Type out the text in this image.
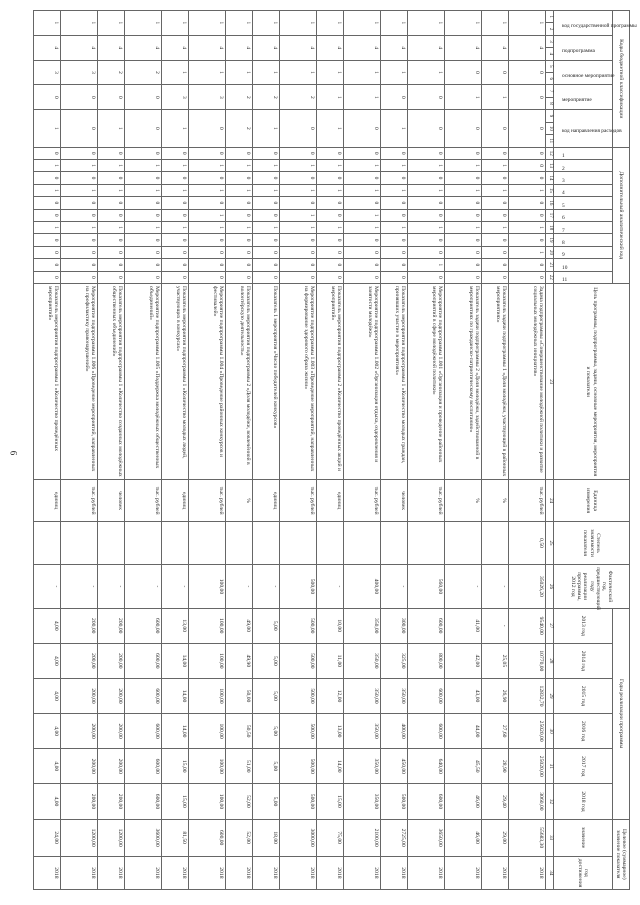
6
Коды бюджетной классификации											Дополнительный аналитический код											Цель программы, подпрограммы, задачи, основные мероприятия, мероприятия и показатели	Единица измерения	Степень значимости показателя	Фактический год, предшествующий году реализации программы, 2012 год	Годы реализации программы						Целевое (суммарное) значение показателя	

код государственной программы		подпрограмма		основное мероприятие		мероприятие		код направления расходов			1	2	3	4	5	6	7	8	9	10	11					2013 год	2014 год	2015 год	2016 год	2017 год	2018 год	значение	год достижения
1	2	3	4	5	6	7	8	9	10	11	12	13	14	15	16	17	18	19	20	21	22	23	24	25	26	27	28	29	30	31	32	33	34
1		4		0		0		0			0	0	0	1	0	0	1	0	1	0	0	Задача подпрограммы «Совершенствование молодёжной политики и развитие социальных молодёжных инициатив»	тыс. рублей	0,50	35026,20	9540,00	10770,00	12832,70	25020,00	25020,00	3060,00	55683,30	2018
1		4		0		1		0			0	1	0	1	0	0	1	0	0	0	0	Показатель задачи подпрограммы 1 «Доля молодёжи, участвующей в районных мероприятиях»	%		-	-	25,05	26,90	27,60	28,90	29,40	29,00	2018
1		4		0		1		0			0	1	0	1	0	0	1	0	0	0	0	Показатель задачи подпрограммы 2 «Доля молодёжи, задействованной в мероприятиях по гражданско-патриотическому воспитанию»	%		-	41,00	42,00	43,00	44,00	45,50	46,00	46,00	2018
1		4		1		0		0			0	1	0	1	0	0	1	0	0	1	0	Мероприятие подпрограммы 1.001 «Организация и проведение районных мероприятий в сфере молодёжной политики»	тыс. рублей		560,00	600,00	800,00	600,00	600,00	640,00	600,00	3650,00	2018
1		4		1		0		1			0	1	0	1	0	0	1	0	0	0	0	Показатель мероприятия подпрограммы 1 «Количество молодых граждан, принявших участие в мероприятиях»	человек		-	300,00	325,00	350,00	400,00	450,00	500,00	2725,00	2018
1		4		1		1		0			0	1	0	1	0	1	1	0	0	0	0	Мероприятие подпрограммы 1.002 «Организация отдыха, оздоровления и занятости молодёжи»	тыс. рублей		400,00	350,00	350,00	350,00	350,00	350,00	350,00	2100,00	2018
1		4		1		1		1			0	1	0	1	0	0	1	0	0	0	0	Показатель мероприятия подпрограммы 2 «Количество проведённых акций и мероприятий»	единиц		-	10,00	11,00	12,00	13,00	14,00	15,00	75,00	2018
1		4		1		2		0			0	1	0	1	0	1	1	0	0	0	0	Мероприятие подпрограммы 1.003 «Проведение мероприятий, направленных на формирование здорового образа жизни»	тыс. рублей		500,00	500,00	500,00	500,00	500,00	500,00	500,00	3000,00	2018
1		4		1		2		1			0	1	0	1	0	0	1	0	0	0	0	Показатель 1 мероприятия «Число победителей конкурсов»	единиц		-	5,00	5,00	5,00	5,00	5,00	5,00	18,00	2018
1		4		1		2		2			0	1	0	1	0	0	1	0	0	0	0	Показатель мероприятия подпрограммы 2 «Доля молодёжи, вовлечённой в волонтёрскую деятельность»	%		-	49,00	49,90	50,00	50,50	51,00	52,00	52,00	2018
1		4		1		3		0			0	1	0	1	0	1	1	0	0	0	0	Мероприятие подпрограммы 1.004 «Проведение районных конкурсов и фестивалей»	тыс. рублей		100,00	100,00	100,00	100,00	100,00	100,00	100,00	600,00	2018
1		4		1		3		1			0	1	0	1	0	0	1	0	0	0	0	Показатель мероприятия подпрограммы 1 «Количество молодых людей, участвующих в конкурсах»	единиц		-	13,00	14,00	14,00	14,00	15,00	15,00	81,50	2018
1		4		2		0		0			0	1	0	1	0	0	1	0	0	0	0	Мероприятие подпрограммы 1.005 «Поддержка молодёжных общественных объединений»	тыс. рублей		-	600,00	600,00	600,00	600,00	600,00	600,00	3600,00	2018
1		4		2		0		1			0	1	0	1	0	0	1	0	0	0	0	Показатель мероприятия подпрограммы 1 «Количество созданных молодёжных общественных объединений»	человек		-	200,00	200,00	200,00	200,00	200,00	200,00	1200,00	2018
1		4		3		0		0			0	1	0	1	0	0	1	0	0	0	0	Мероприятие подпрограммы 1.006 «Проведение мероприятий, направленных на профилактику правонарушений»	тыс. рублей		-	200,00	200,00	200,00	200,00	200,00	200,00	1200,00	2018
1		4		3		0		1			0	1	0	1	0	0	1	0	0	0	0	Показатель мероприятия подпрограммы 1 «Количество проведённых мероприятий»	единиц		-	4,00	4,00	4,00	4,00	4,00	4,00	24,00	2018
